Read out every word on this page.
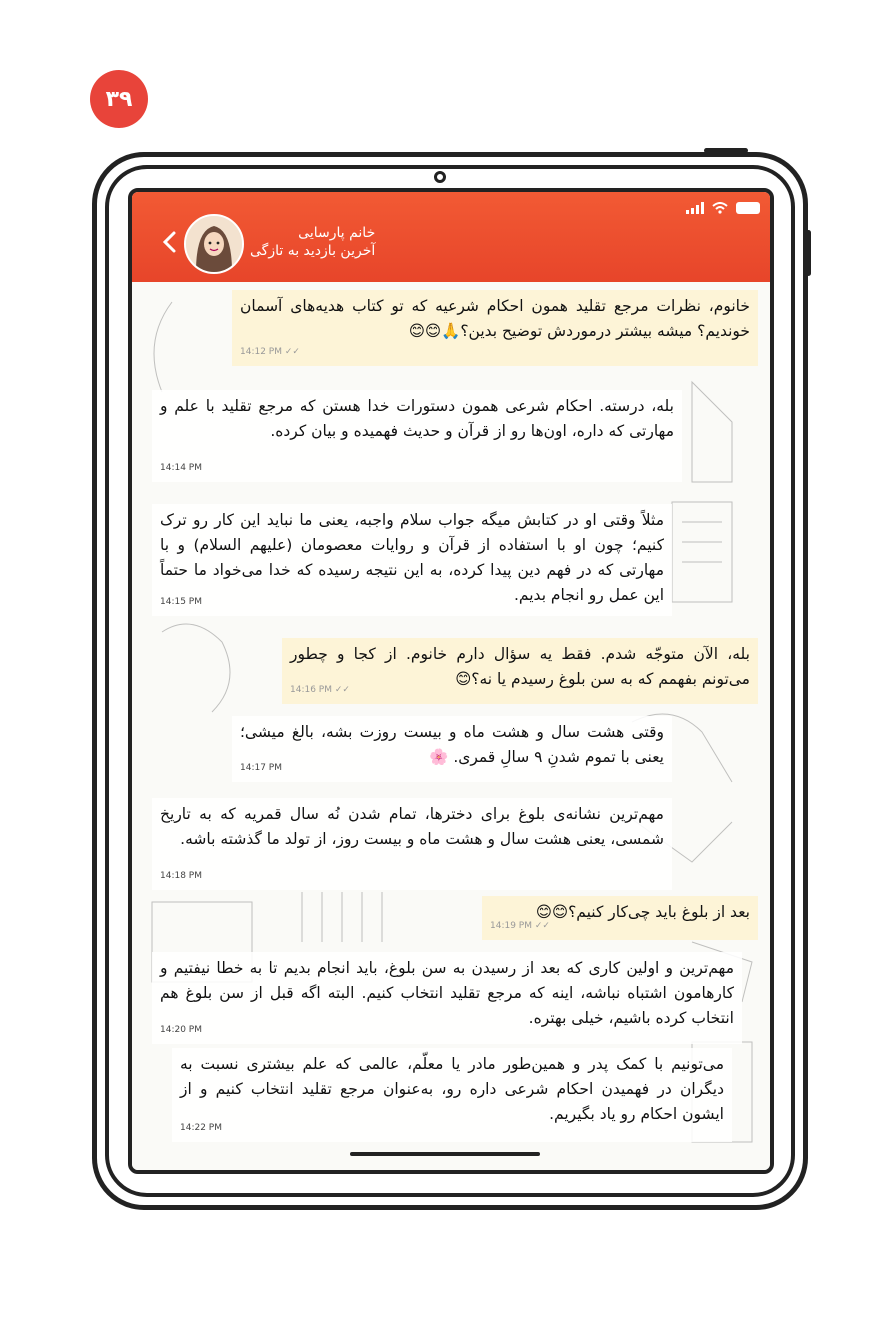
۳۹
خانم پارسایی
آخرین بازدید به تازگی
خانوم، نظرات مرجع تقلید همون احکام شرعیه که تو کتاب هدیه‌های آسمان خوندیم؟ میشه بیشتر درموردش توضیح بدین؟🙏😊😊
14:12 PM ✓✓
بله، درسته. احکام شرعی همون دستورات خدا هستن که مرجع تقلید با علم و مهارتی که داره، اون‌ها رو از قرآن و حدیث فهمیده و بیان کرده.
14:14 PM
مثلاً وقتی او در کتابش میگه جواب سلام واجبه، یعنی ما نباید این کار رو ترک کنیم؛ چون او با استفاده از قرآن و روایات معصومان (علیهم السلام) و با مهارتی که در فهم دین پیدا کرده، به این نتیجه رسیده که خدا می‌خواد ما حتماً این عمل رو انجام بدیم.
14:15 PM
بله، الآن متوجّه شدم. فقط یه سؤال دارم خانوم. از کجا و چطور می‌تونم بفهمم که به سن بلوغ رسیدم یا نه؟😊
14:16 PM ✓✓
وقتی هشت سال و هشت ماه و بیست روزت بشه، بالغ میشی؛ یعنی با تموم شدنِ ۹ سالِ قمری. 🌸
14:17 PM
مهم‌ترین نشانه‌ی بلوغ برای دخترها، تمام شدن نُه سال قمریه که به تاریخ شمسی، یعنی هشت سال و هشت ماه و بیست روز، از تولد ما گذشته باشه.
14:18 PM
بعد از بلوغ باید چی‌کار کنیم؟😊😊
14:19 PM ✓✓
مهم‌ترین و اولین کاری که بعد از رسیدن به سن بلوغ، باید انجام بدیم تا به خطا نیفتیم و کارهامون اشتباه نباشه، اینه که مرجع تقلید انتخاب کنیم. البته اگه قبل از سن بلوغ هم انتخاب کرده باشیم، خیلی بهتره.
14:20 PM
می‌تونیم با کمک پدر و همین‌طور مادر یا معلّم، عالمی که علم بیشتری نسبت به دیگران در فهمیدن احکام شرعی داره رو، به‌عنوان مرجع تقلید انتخاب کنیم و از ایشون احکام رو یاد بگیریم.
14:22 PM
